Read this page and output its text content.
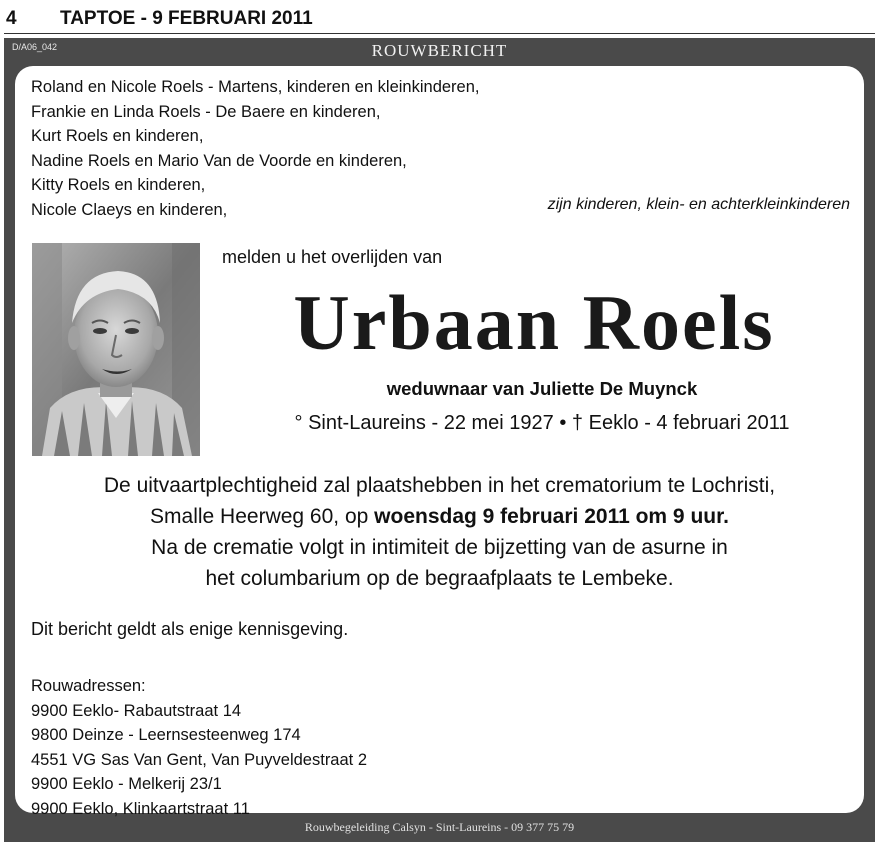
4 TAPTOE - 9 FEBRUARI 2011
D/A06_042	ROUWBERICHT
Rouwbegeleiding Calsyn - Sint-Laureins - 09 377 75 79
Roland en Nicole Roels - Martens, kinderen en kleinkinderen,
Frankie en Linda Roels - De Baere en kinderen,
Kurt Roels en kinderen,
Nadine Roels en Mario Van de Voorde en kinderen,
Kitty Roels en kinderen,
Nicole Claeys en kinderen,	zijn kinderen, klein- en achterkleinkinderen
melden u het overlijden van
Urbaan Roels
weduwnaar van Juliette De Muynck
° Sint-Laureins - 22 mei 1927 • † Eeklo - 4 februari 2011

De uitvaartplechtigheid zal plaatshebben in het crematorium te Lochristi,

Smalle Heerweg 60, op woensdag 9 februari 2011 om 9 uur.

Na de crematie volgt in intimiteit de bijzetting van de asurne in

het columbarium op de begraafplaats te Lembeke.

Dit bericht geldt als enige kennisgeving.
Rouwadressen:
9900 Eeklo- Rabautstraat 14
9800 Deinze - Leernsesteenweg 174
4551 VG Sas Van Gent, Van Puyveldestraat 2
9900 Eeklo - Melkerij 23/1
9900 Eeklo, Klinkaartstraat 11
